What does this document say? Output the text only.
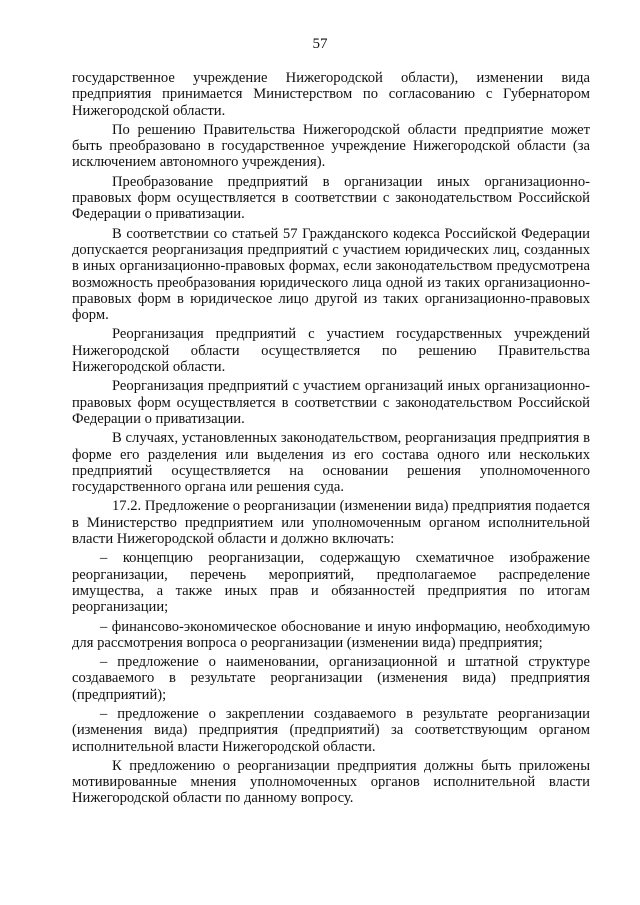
57

государственное учреждение Нижегородской области), изменении вида предприятия принимается Министерством по согласованию с Губернатором Нижегородской области.

По решению Правительства Нижегородской области предприятие может быть преобразовано в государственное учреждение Нижегородской области (за исключением автономного учреждения).

Преобразование предприятий в организации иных организационно-правовых форм осуществляется в соответствии с законодательством Российской Федерации о приватизации.

В соответствии со статьей 57 Гражданского кодекса Российской Федерации допускается реорганизация предприятий с участием юридических лиц, созданных в иных организационно-правовых формах, если законодательством предусмотрена возможность преобразования юридического лица одной из таких организационно-правовых форм в юридическое лицо другой из таких организационно-правовых форм.

Реорганизация предприятий с участием государственных учреждений Нижегородской области осуществляется по решению Правительства Нижегородской области.

Реорганизация предприятий с участием организаций иных организационно-правовых форм осуществляется в соответствии с законодательством Российской Федерации о приватизации.

В случаях, установленных законодательством, реорганизация предприятия в форме его разделения или выделения из его состава одного или нескольких предприятий осуществляется на основании решения уполномоченного государственного органа или решения суда.

17.2. Предложение о реорганизации (изменении вида) предприятия подается в Министерство предприятием или уполномоченным органом исполнительной власти Нижегородской области и должно включать:

– концепцию реорганизации, содержащую схематичное изображение реорганизации, перечень мероприятий, предполагаемое распределение имущества, а также иных прав и обязанностей предприятия по итогам реорганизации;

– финансово-экономическое обоснование и иную информацию, необходимую для рассмотрения вопроса о реорганизации (изменении вида) предприятия;

– предложение о наименовании, организационной и штатной структуре создаваемого в результате реорганизации (изменения вида) предприятия (предприятий);

– предложение о закреплении создаваемого в результате реорганизации (изменения вида) предприятия (предприятий) за соответствующим органом исполнительной власти Нижегородской области.

К предложению о реорганизации предприятия должны быть приложены мотивированные мнения уполномоченных органов исполнительной власти Нижегородской области по данному вопросу.
